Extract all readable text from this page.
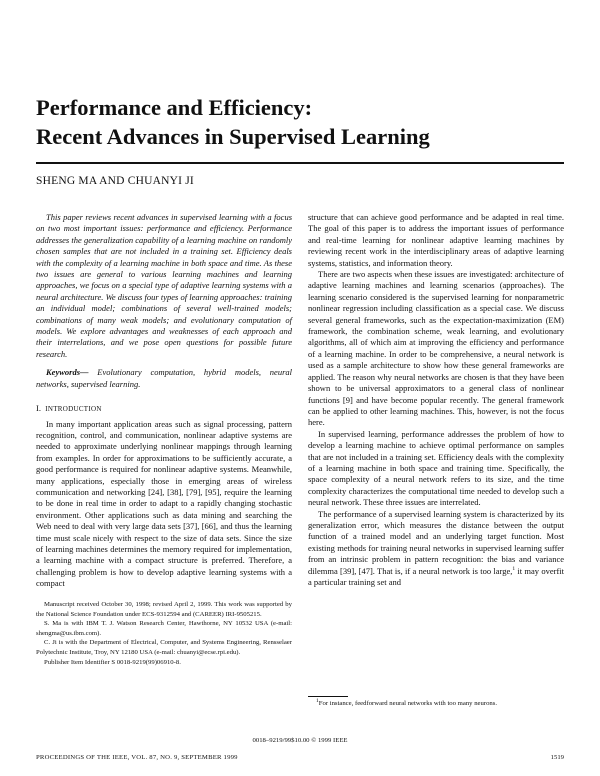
Performance and Efficiency:
Recent Advances in Supervised Learning
SHENG MA AND CHUANYI JI

This paper reviews recent advances in supervised learning with a focus on two most important issues: performance and efficiency. Performance addresses the generalization capability of a learning machine on randomly chosen samples that are not included in a training set. Efficiency deals with the complexity of a learning machine in both space and time. As these two issues are general to various learning machines and learning approaches, we focus on a special type of adaptive learning systems with a neural architecture. We discuss four types of learning approaches: training an individual model; combinations of several well-trained models; combinations of many weak models; and evolutionary computation of models. We explore advantages and weaknesses of each approach and their interrelations, and we pose open questions for possible future research.

Keywords— Evolutionary computation, hybrid models, neural networks, supervised learning.

I. INTRODUCTION

In many important application areas such as signal processing, pattern recognition, control, and communication, nonlinear adaptive systems are needed to approximate underlying nonlinear mappings through learning from examples. In order for approximations to be sufficiently accurate, a good performance is required for nonlinear adaptive systems. Meanwhile, many applications, especially those in emerging areas of wireless communication and networking [24], [38], [79], [95], require the learning to be done in real time in order to adapt to a rapidly changing stochastic environment. Other applications such as data mining and searching the Web need to deal with very large data sets [37], [66], and thus the learning time must scale nicely with respect to the size of data sets. Since the size of learning machines determines the memory required for implementation, a learning machine with a compact structure is preferred. Therefore, a challenging problem is how to develop adaptive learning systems with a compact

Manuscript received October 30, 1998; revised April 2, 1999. This work was supported by the National Science Foundation under ECS-9312594 and (CAREER) IRI-9505215.

S. Ma is with IBM T. J. Watson Research Center, Hawthorne, NY 10532 USA (e-mail: shengma@us.ibm.com).

C. Ji is with the Department of Electrical, Computer, and Systems Engineering, Rensselaer Polytechnic Institute, Troy, NY 12180 USA (e-mail: chuanyi@ecse.rpi.edu).

Publisher Item Identifier S 0018-9219(99)06910-8.

structure that can achieve good performance and be adapted in real time. The goal of this paper is to address the important issues of performance and real-time learning for nonlinear adaptive learning machines by reviewing recent work in the interdisciplinary areas of adaptive learning systems, statistics, and information theory.

There are two aspects when these issues are investigated: architecture of adaptive learning machines and learning scenarios (approaches). The learning scenario considered is the supervised learning for nonparametric nonlinear regression including classification as a special case. We discuss several general frameworks, such as the expectation-maximization (EM) framework, the combination scheme, weak learning, and evolutionary algorithms, all of which aim at improving the efficiency and performance of a learning machine. In order to be comprehensive, a neural network is used as a sample architecture to show how these general frameworks are applied. The reason why neural networks are chosen is that they have been shown to be universal approximators to a general class of nonlinear functions [9] and have become popular recently. The general framework can be applied to other learning machines. This, however, is not the focus here.

In supervised learning, performance addresses the problem of how to develop a learning machine to achieve optimal performance on samples that are not included in a training set. Efficiency deals with the complexity of a learning machine in both space and training time. Specifically, the space complexity of a neural network refers to its size, and the time complexity characterizes the computational time needed to develop such a neural network. These three issues are interrelated.

The performance of a supervised learning system is characterized by its generalization error, which measures the distance between the output function of a trained model and an underlying target function. Most existing methods for training neural networks in supervised learning suffer from an intrinsic problem in pattern recognition: the bias and variance dilemma [39], [47]. That is, if a neural network is too large,$^1$ it may overfit a particular training set and

$^1$For instance, feedforward neural networks with too many neurons.
0018–9219/99$10.00 © 1999 IEEE
PROCEEDINGS OF THE IEEE, VOL. 87, NO. 9, SEPTEMBER 1999	1519
